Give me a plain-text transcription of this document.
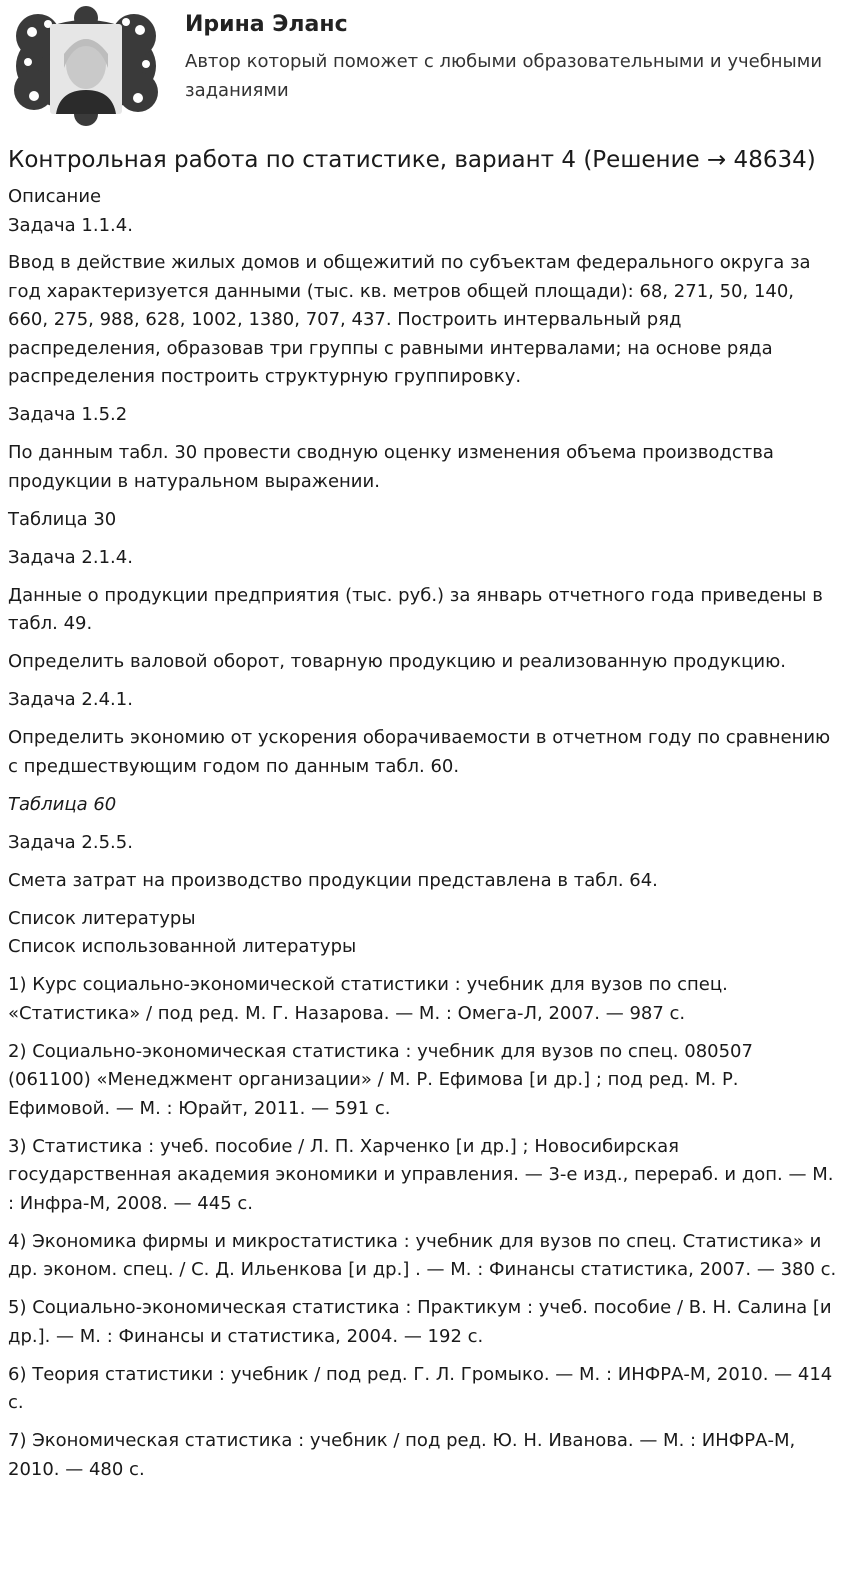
Ирина Эланс
Автор который поможет с любыми образовательными и учебными заданиями
Контрольная работа по статистике, вариант 4 (Решение → 48634)
Описание
Задача 1.1.4.

Ввод в действие жилых домов и общежитий по субъектам федерального округа за год характеризуется данными (тыс. кв. метров общей площади): 68, 271, 50, 140, 660, 275, 988, 628, 1002, 1380, 707, 437. Построить интервальный ряд распределения, образовав три группы с равными интервалами; на основе ряда распределения построить структурную группировку.

Задача 1.5.2

По данным табл. 30 провести сводную оценку изменения объема производства продукции в натуральном выражении.

Таблица 30

Задача 2.1.4.

Данные о продукции предприятия (тыс. руб.) за январь отчетного года приведены в табл. 49.

Определить валовой оборот, товарную продукцию и реализованную продукцию.

Задача 2.4.1.

Определить экономию от ускорения оборачиваемости в отчетном году по сравнению с предшествующим годом по данным табл. 60.

Таблица 60

Задача 2.5.5.

Смета затрат на производство продукции представлена в табл. 64.

Список литературы

Список использованной литературы

1) Курс социально-экономической статистики : учебник для вузов по спец. «Статистика» / под ред. М. Г. Назарова. — М. : Омега-Л, 2007. — 987 с.

2) Социально-экономическая статистика : учебник для вузов по спец. 080507 (061100) «Менеджмент организации» / М. Р. Ефимова [и др.] ; под ред. М. Р. Ефимовой. — М. : Юрайт, 2011. — 591 с.

3) Статистика : учеб. пособие / Л. П. Харченко [и др.] ; Новосибирская государственная академия экономики и управления. — 3-е изд., перераб. и доп. — М. : Инфра-М, 2008. — 445 с.

4) Экономика фирмы и микростатистика : учебник для вузов по спец. Статистика» и др. эконом. спец. / С. Д. Ильенкова [и др.] . — М. : Финансы статистика, 2007. — 380 с.

5) Социально-экономическая статистика : Практикум : учеб. пособие / В. Н. Салина [и др.]. — М. : Финансы и статистика, 2004. — 192 с.

6) Теория статистики : учебник / под ред. Г. Л. Громыко. — М. : ИНФРА-М, 2010. — 414 с.

7) Экономическая статистика : учебник / под ред. Ю. Н. Иванова. — М. : ИНФРА-М, 2010. — 480 с.
